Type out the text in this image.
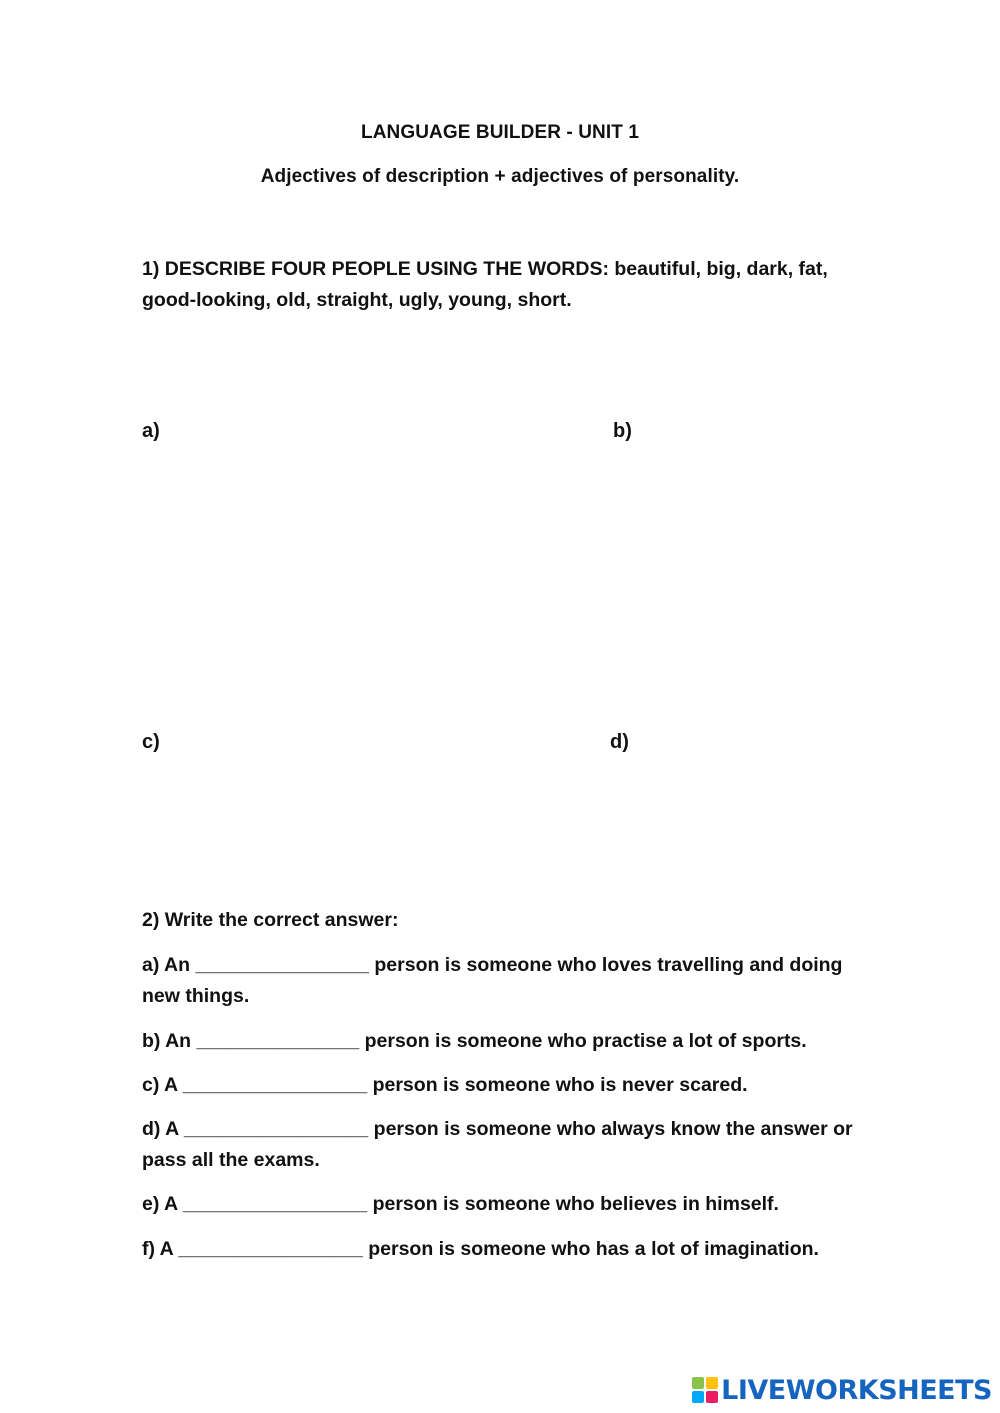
LANGUAGE BUILDER - UNIT 1
Adjectives of description + adjectives of personality.
1) DESCRIBE FOUR PEOPLE USING THE WORDS: beautiful, big, dark, fat, good-looking, old, straight, ugly, young, short.
a)	b)
c)	d)
2) Write the correct answer:
a) An ________________ person is someone who loves travelling and doing new things.
b) An _______________ person is someone who practise a lot of sports.
c) A _________________ person is someone who is never scared.
d) A _________________ person is someone who always know the answer or pass all the exams.
e) A _________________ person is someone who believes in himself.
f) A _________________ person is someone who has a lot of imagination.
LIVEWORKSHEETS
